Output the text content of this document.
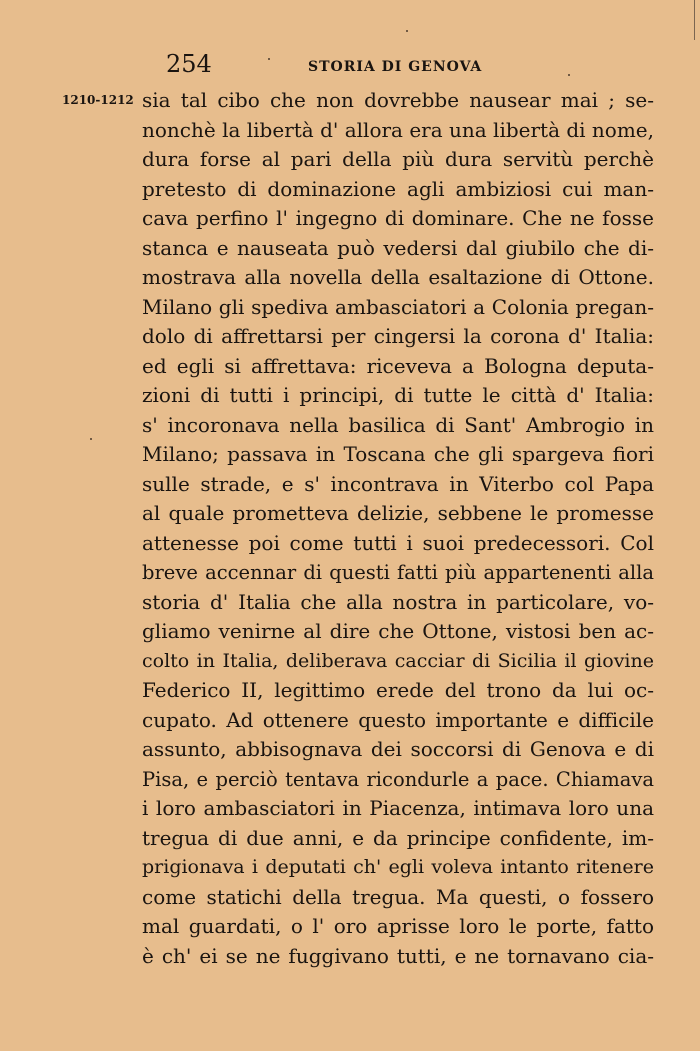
254	STORIA DI GENOVA
1210-1212 sia tal cibo che non dovrebbe nausear mai ; se-
nonchè la libertà d' allora era una libertà di nome,
dura forse al pari della più dura servitù perchè
pretesto di dominazione agli ambiziosi cui man-
cava perfino l' ingegno di dominare. Che ne fosse
stanca e nauseata può vedersi dal giubilo che di-
mostrava alla novella della esaltazione di Ottone.
Milano gli spediva ambasciatori a Colonia pregan-
dolo di affrettarsi per cingersi la corona d' Italia:
ed egli si affrettava: riceveva a Bologna deputa-
zioni di tutti i principi, di tutte le città d' Italia:
s' incoronava nella basilica di Sant' Ambrogio in
Milano; passava in Toscana che gli spargeva fiori
sulle strade, e s' incontrava in Viterbo col Papa
al quale prometteva delizie, sebbene le promesse
attenesse poi come tutti i suoi predecessori. Col
breve accennar di questi fatti più appartenenti alla
storia d' Italia che alla nostra in particolare, vo-
gliamo venirne al dire che Ottone, vistosi ben ac-
colto in Italia, deliberava cacciar di Sicilia il giovine
Federico II, legittimo erede del trono da lui oc-
cupato. Ad ottenere questo importante e difficile
assunto, abbisognava dei soccorsi di Genova e di
Pisa, e perciò tentava ricondurle a pace. Chiamava
i loro ambasciatori in Piacenza, intimava loro una
tregua di due anni, e da principe confidente, im-
prigionava i deputati ch' egli voleva intanto ritenere
come statichi della tregua. Ma questi, o fossero
mal guardati, o l' oro aprisse loro le porte, fatto
è ch' ei se ne fuggivano tutti, e ne tornavano cia-
